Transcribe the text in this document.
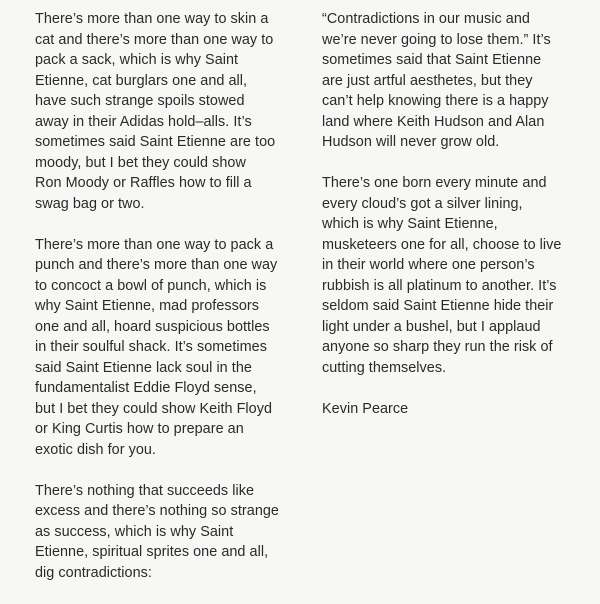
There’s more than one way to skin a
cat and there’s more than one way to
pack a sack, which is why Saint
Etienne, cat burglars one and all,
have such strange spoils stowed
away in their Adidas hold–alls. It’s
sometimes said Saint Etienne are too
moody, but I bet they could show
Ron Moody or Raffles how to fill a
swag bag or two.

There’s more than one way to pack a
punch and there’s more than one way
to concoct a bowl of punch, which is
why Saint Etienne, mad professors
one and all, hoard suspicious bottles
in their soulful shack. It’s sometimes
said Saint Etienne lack soul in the
fundamentalist Eddie Floyd sense,
but I bet they could show Keith Floyd
or King Curtis how to prepare an
exotic dish for you.

There’s nothing that succeeds like
excess and there’s nothing so strange
as success, which is why Saint
Etienne, spiritual sprites one and all,
dig contradictions:

“Contradictions in our music and
we’re never going to lose them.” It’s
sometimes said that Saint Etienne
are just artful aesthetes, but they
can’t help knowing there is a happy
land where Keith Hudson and Alan
Hudson will never grow old.

There’s one born every minute and
every cloud’s got a silver lining,
which is why Saint Etienne,
musketeers one for all, choose to live
in their world where one person’s
rubbish is all platinum to another. It’s
seldom said Saint Etienne hide their
light under a bushel, but I applaud
anyone so sharp they run the risk of
cutting themselves.

Kevin Pearce
